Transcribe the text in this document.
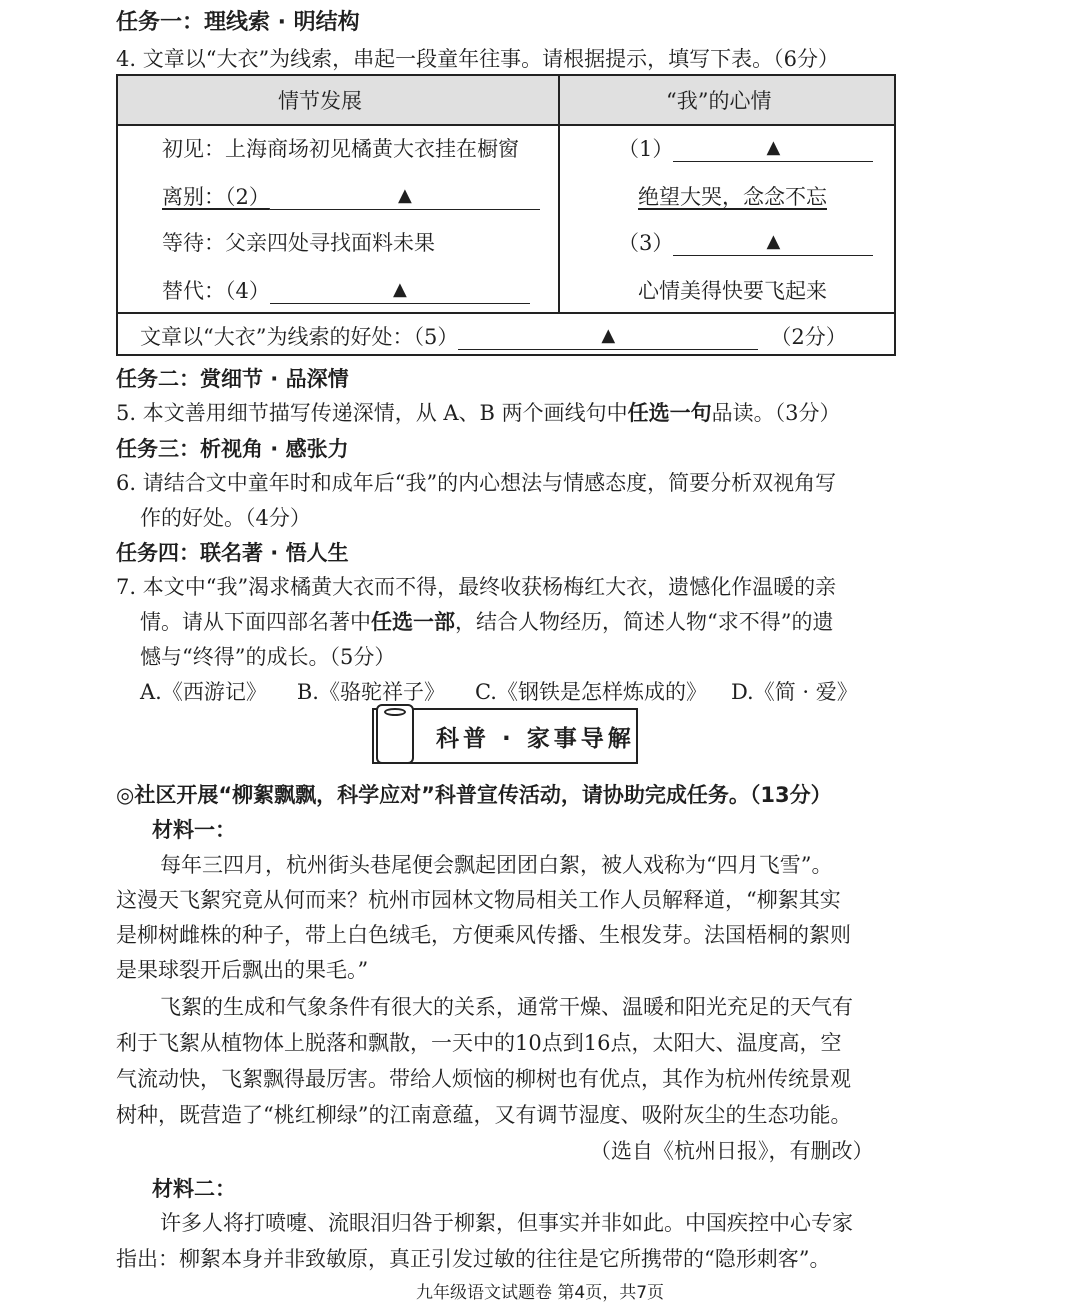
任务一：理线索 · 明结构
4. 文章以“大衣”为线索，串起一段童年往事。请根据提示，填写下表。（6分）
情节发展	“我”的心情
初见：上海商场初见橘黄大衣挂在橱窗	（1）	▲
离别：（2）	▲	绝望大哭，念念不忘
等待：父亲四处寻找面料未果	（3）	▲
替代：（4）	▲	心情美得快要飞起来
文章以“大衣”为线索的好处：（5）	▲	（2分）
任务二：赏细节 · 品深情
5. 本文善用细节描写传递深情，从 A、B 两个画线句中任选一句品读。（3分）
任务三：析视角 · 感张力
6. 请结合文中童年时和成年后“我”的内心想法与情感态度，简要分析双视角写
作的好处。（4分）
任务四：联名著 · 悟人生
7. 本文中“我”渴求橘黄大衣而不得，最终收获杨梅红大衣，遗憾化作温暖的亲
情。请从下面四部名著中任选一部，结合人物经历，简述人物“求不得”的遗
憾与“终得”的成长。（5分）
A.《西游记》 B.《骆驼祥子》 C.《钢铁是怎样炼成的》 D.《简 · 爱》
科普 · 家事导解
◎社区开展“柳絮飘飘，科学应对”科普宣传活动，请协助完成任务。（13分）
材料一：
每年三四月，杭州街头巷尾便会飘起团团白絮，被人戏称为“四月飞雪”。
这漫天飞絮究竟从何而来？杭州市园林文物局相关工作人员解释道，“柳絮其实
是柳树雌株的种子，带上白色绒毛，方便乘风传播、生根发芽。法国梧桐的絮则
是果球裂开后飘出的果毛。”
飞絮的生成和气象条件有很大的关系，通常干燥、温暖和阳光充足的天气有
利于飞絮从植物体上脱落和飘散，一天中的10点到16点，太阳大、温度高，空
气流动快，飞絮飘得最厉害。带给人烦恼的柳树也有优点，其作为杭州传统景观
树种，既营造了“桃红柳绿”的江南意蕴，又有调节湿度、吸附灰尘的生态功能。
（选自《杭州日报》，有删改）
材料二：
许多人将打喷嚏、流眼泪归咎于柳絮，但事实并非如此。中国疾控中心专家
指出：柳絮本身并非致敏原，真正引发过敏的往往是它所携带的“隐形刺客”。
九年级语文试题卷 第4页，共7页
